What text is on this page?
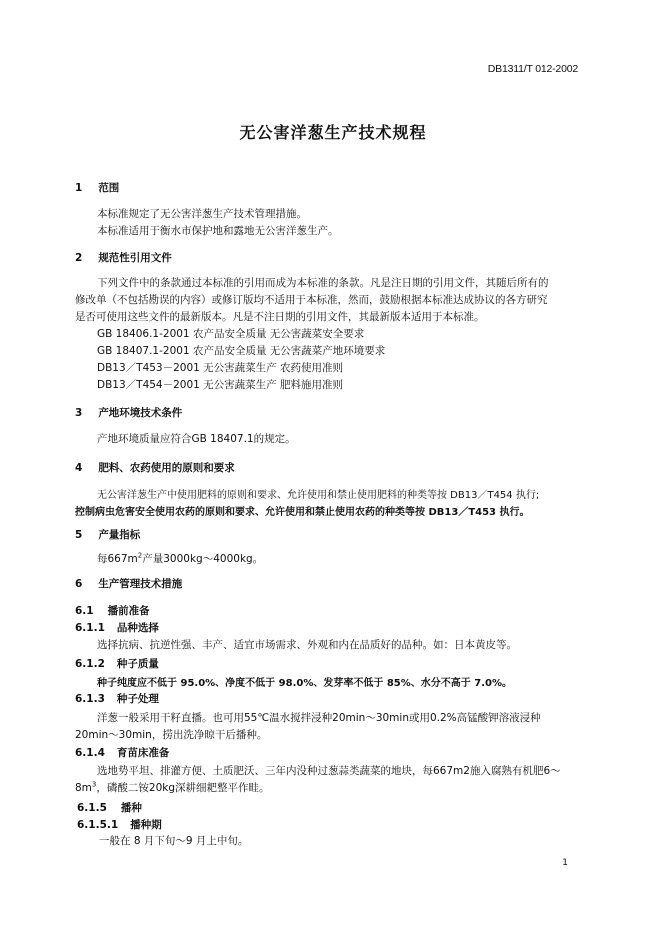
DB1311/T 012-2002
无公害洋葱生产技术规程
1 范围
本标准规定了无公害洋葱生产技术管理措施。
本标准适用于衡水市保护地和露地无公害洋葱生产。
2 规范性引用文件
下列文件中的条款通过本标准的引用而成为本标准的条款。凡是注日期的引用文件，其随后所有的
修改单（不包括勘误的内容）或修订版均不适用于本标准，然而，鼓励根据本标准达成协议的各方研究
是否可使用这些文件的最新版本。凡是不注日期的引用文件，其最新版本适用于本标准。
GB 18406.1-2001 农产品安全质量 无公害蔬菜安全要求
GB 18407.1-2001 农产品安全质量 无公害蔬菜产地环境要求
DB13／T453－2001 无公害蔬菜生产 农药使用准则
DB13／T454－2001 无公害蔬菜生产 肥料施用准则
3 产地环境技术条件
产地环境质量应符合GB 18407.1的规定。
4 肥料、农药使用的原则和要求
无公害洋葱生产中使用肥料的原则和要求、允许使用和禁止使用肥料的种类等按 DB13／T454 执行;
控制病虫危害安全使用农药的原则和要求、允许使用和禁止使用农药的种类等按 DB13／T453 执行。
5 产量指标
每$667m^2$产量3000kg～4000kg。
6 生产管理技术措施
6.1 播前准备
6.1.1 品种选择
选择抗病、抗逆性强、丰产、适宜市场需求、外观和内在品质好的品种。如：日本黄皮等。
6.1.2 种子质量
种子纯度应不低于 95.0%、净度不低于 98.0%、发芽率不低于 85%、水分不高于 7.0%。
6.1.3 种子处理
洋葱一般采用干籽直播。也可用55℃温水搅拌浸种20min～30min或用0.2%高锰酸钾溶液浸种
20min～30min，捞出洗净晾干后播种。
6.1.4 育苗床准备
选地势平坦、排灌方便、土质肥沃、三年内没种过葱蒜类蔬菜的地块，每667m2施入腐熟有机肥6～
$8m^3$，磷酸二铵20kg深耕细耙整平作畦。
6.1.5 播种
6.1.5.1 播种期
一般在 8 月下旬～9 月上中旬。
1
